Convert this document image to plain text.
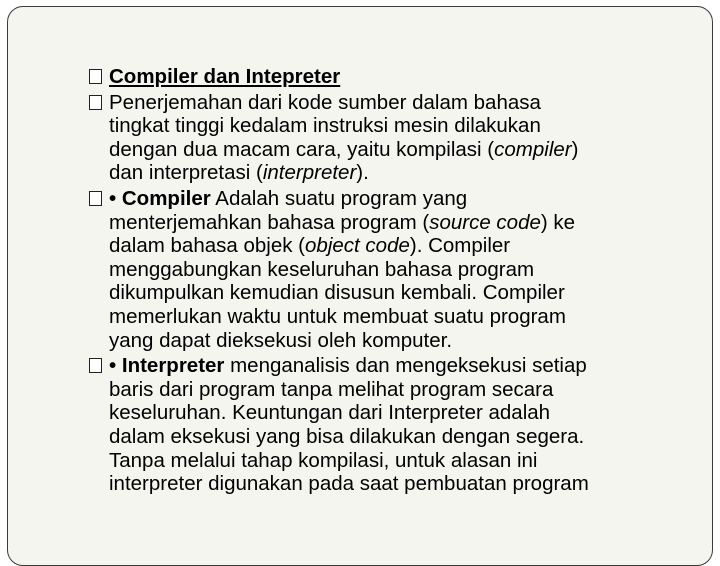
Compiler dan Intepreter
Penerjemahan dari kode sumber dalam bahasa
tingkat tinggi kedalam instruksi mesin dilakukan
dengan dua macam cara, yaitu kompilasi (compiler)
dan interpretasi (interpreter).
• Compiler Adalah suatu program yang
menterjemahkan bahasa program (source code) ke
dalam bahasa objek (object code). Compiler
menggabungkan keseluruhan bahasa program
dikumpulkan kemudian disusun kembali. Compiler
memerlukan waktu untuk membuat suatu program
yang dapat dieksekusi oleh komputer.
• Interpreter menganalisis dan mengeksekusi setiap
baris dari program tanpa melihat program secara
keseluruhan. Keuntungan dari Interpreter adalah
dalam eksekusi yang bisa dilakukan dengan segera.
Tanpa melalui tahap kompilasi, untuk alasan ini
interpreter digunakan pada saat pembuatan program
